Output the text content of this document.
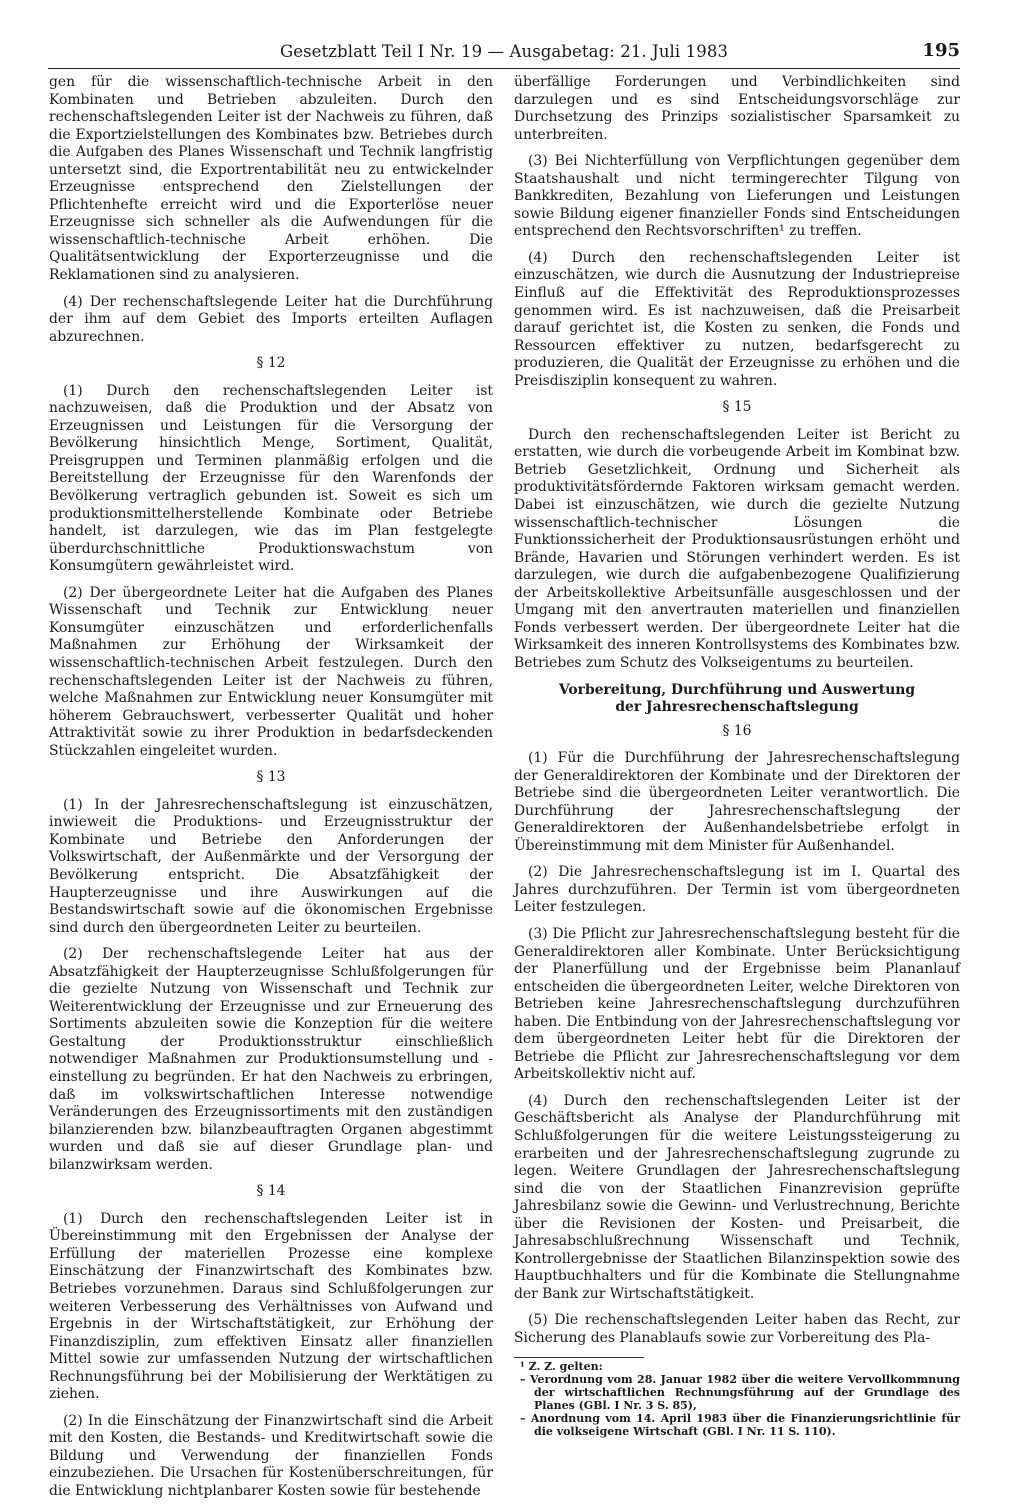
Gesetzblatt Teil I Nr. 19 — Ausgabetag: 21. Juli 1983	195

gen für die wissenschaftlich-technische Arbeit in den Kombinaten und Betrieben abzuleiten. Durch den rechenschaftslegenden Leiter ist der Nachweis zu führen, daß die Exportzielstellungen des Kombinates bzw. Betriebes durch die Aufgaben des Planes Wissenschaft und Technik langfristig untersetzt sind, die Exportrentabilität neu zu entwickelnder Erzeugnisse entsprechend den Zielstellungen der Pflichtenhefte erreicht wird und die Exporterlöse neuer Erzeugnisse sich schneller als die Aufwendungen für die wissenschaftlich-technische Arbeit erhöhen. Die Qualitätsentwicklung der Exporterzeugnisse und die Reklamationen sind zu analysieren.

(4) Der rechenschaftslegende Leiter hat die Durchführung der ihm auf dem Gebiet des Imports erteilten Auflagen abzurechnen.

§ 12

(1) Durch den rechenschaftslegenden Leiter ist nachzuweisen, daß die Produktion und der Absatz von Erzeugnissen und Leistungen für die Versorgung der Bevölkerung hinsichtlich Menge, Sortiment, Qualität, Preisgruppen und Terminen planmäßig erfolgen und die Bereitstellung der Erzeugnisse für den Warenfonds der Bevölkerung vertraglich gebunden ist. Soweit es sich um produktionsmittelherstellende Kombinate oder Betriebe handelt, ist darzulegen, wie das im Plan festgelegte überdurchschnittliche Produktionswachstum von Konsumgütern gewährleistet wird.

(2) Der übergeordnete Leiter hat die Aufgaben des Planes Wissenschaft und Technik zur Entwicklung neuer Konsumgüter einzuschätzen und erforderlichenfalls Maßnahmen zur Erhöhung der Wirksamkeit der wissenschaftlich-technischen Arbeit festzulegen. Durch den rechenschaftslegenden Leiter ist der Nachweis zu führen, welche Maßnahmen zur Entwicklung neuer Konsumgüter mit höherem Gebrauchswert, verbesserter Qualität und hoher Attraktivität sowie zu ihrer Produktion in bedarfsdeckenden Stückzahlen eingeleitet wurden.

§ 13

(1) In der Jahresrechenschaftslegung ist einzuschätzen, inwieweit die Produktions- und Erzeugnisstruktur der Kombinate und Betriebe den Anforderungen der Volkswirtschaft, der Außenmärkte und der Versorgung der Bevölkerung entspricht. Die Absatzfähigkeit der Haupterzeugnisse und ihre Auswirkungen auf die Bestandswirtschaft sowie auf die ökonomischen Ergebnisse sind durch den übergeordneten Leiter zu beurteilen.

(2) Der rechenschaftslegende Leiter hat aus der Absatzfähigkeit der Haupterzeugnisse Schlußfolgerungen für die gezielte Nutzung von Wissenschaft und Technik zur Weiterentwicklung der Erzeugnisse und zur Erneuerung des Sortiments abzuleiten sowie die Konzeption für die weitere Gestaltung der Produktionsstruktur einschließlich notwendiger Maßnahmen zur Produktionsumstellung und -einstellung zu begründen. Er hat den Nachweis zu erbringen, daß im volkswirtschaftlichen Interesse notwendige Veränderungen des Erzeugnissortiments mit den zuständigen bilanzierenden bzw. bilanzbeauftragten Organen abgestimmt wurden und daß sie auf dieser Grundlage plan- und bilanzwirksam werden.

§ 14

(1) Durch den rechenschaftslegenden Leiter ist in Übereinstimmung mit den Ergebnissen der Analyse der Erfüllung der materiellen Prozesse eine komplexe Einschätzung der Finanzwirtschaft des Kombinates bzw. Betriebes vorzunehmen. Daraus sind Schlußfolgerungen zur weiteren Verbesserung des Verhältnisses von Aufwand und Ergebnis in der Wirtschaftstätigkeit, zur Erhöhung der Finanzdisziplin, zum effektiven Einsatz aller finanziellen Mittel sowie zur umfassenden Nutzung der wirtschaftlichen Rechnungsführung bei der Mobilisierung der Werktätigen zu ziehen.

(2) In die Einschätzung der Finanzwirtschaft sind die Arbeit mit den Kosten, die Bestands- und Kreditwirtschaft sowie die Bildung und Verwendung der finanziellen Fonds einzubeziehen. Die Ursachen für Kostenüberschreitungen, für die Entwicklung nichtplanbarer Kosten sowie für bestehende

überfällige Forderungen und Verbindlichkeiten sind darzulegen und es sind Entscheidungsvorschläge zur Durchsetzung des Prinzips sozialistischer Sparsamkeit zu unterbreiten.

(3) Bei Nichterfüllung von Verpflichtungen gegenüber dem Staatshaushalt und nicht termingerechter Tilgung von Bankkrediten, Bezahlung von Lieferungen und Leistungen sowie Bildung eigener finanzieller Fonds sind Entscheidungen entsprechend den Rechtsvorschriften¹ zu treffen.

(4) Durch den rechenschaftslegenden Leiter ist einzuschätzen, wie durch die Ausnutzung der Industriepreise Einfluß auf die Effektivität des Reproduktionsprozesses genommen wird. Es ist nachzuweisen, daß die Preisarbeit darauf gerichtet ist, die Kosten zu senken, die Fonds und Ressourcen effektiver zu nutzen, bedarfsgerecht zu produzieren, die Qualität der Erzeugnisse zu erhöhen und die Preisdisziplin konsequent zu wahren.

§ 15

Durch den rechenschaftslegenden Leiter ist Bericht zu erstatten, wie durch die vorbeugende Arbeit im Kombinat bzw. Betrieb Gesetzlichkeit, Ordnung und Sicherheit als produktivitätsfördernde Faktoren wirksam gemacht werden. Dabei ist einzuschätzen, wie durch die gezielte Nutzung wissenschaftlich-technischer Lösungen die Funktionssicherheit der Produktionsausrüstungen erhöht und Brände, Havarien und Störungen verhindert werden. Es ist darzulegen, wie durch die aufgabenbezogene Qualifizierung der Arbeitskollektive Arbeitsunfälle ausgeschlossen und der Umgang mit den anvertrauten materiellen und finanziellen Fonds verbessert werden. Der übergeordnete Leiter hat die Wirksamkeit des inneren Kontrollsystems des Kombinates bzw. Betriebes zum Schutz des Volkseigentums zu beurteilen.

Vorbereitung, Durchführung und Auswertung
der Jahresrechenschaftslegung
§ 16

(1) Für die Durchführung der Jahresrechenschaftslegung der Generaldirektoren der Kombinate und der Direktoren der Betriebe sind die übergeordneten Leiter verantwortlich. Die Durchführung der Jahresrechenschaftslegung der Generaldirektoren der Außenhandelsbetriebe erfolgt in Übereinstimmung mit dem Minister für Außenhandel.

(2) Die Jahresrechenschaftslegung ist im I. Quartal des Jahres durchzuführen. Der Termin ist vom übergeordneten Leiter festzulegen.

(3) Die Pflicht zur Jahresrechenschaftslegung besteht für die Generaldirektoren aller Kombinate. Unter Berücksichtigung der Planerfüllung und der Ergebnisse beim Plananlauf entscheiden die übergeordneten Leiter, welche Direktoren von Betrieben keine Jahresrechenschaftslegung durchzuführen haben. Die Entbindung von der Jahresrechenschaftslegung vor dem übergeordneten Leiter hebt für die Direktoren der Betriebe die Pflicht zur Jahresrechenschaftslegung vor dem Arbeitskollektiv nicht auf.

(4) Durch den rechenschaftslegenden Leiter ist der Geschäftsbericht als Analyse der Plandurchführung mit Schlußfolgerungen für die weitere Leistungssteigerung zu erarbeiten und der Jahresrechenschaftslegung zugrunde zu legen. Weitere Grundlagen der Jahresrechenschaftslegung sind die von der Staatlichen Finanzrevision geprüfte Jahresbilanz sowie die Gewinn- und Verlustrechnung, Berichte über die Revisionen der Kosten- und Preisarbeit, die Jahresabschlußrechnung Wissenschaft und Technik, Kontrollergebnisse der Staatlichen Bilanzinspektion sowie des Hauptbuchhalters und für die Kombinate die Stellungnahme der Bank zur Wirtschaftstätigkeit.

(5) Die rechenschaftslegenden Leiter haben das Recht, zur Sicherung des Planablaufs sowie zur Vorbereitung des Pla-

¹ Z. Z. gelten:
– Verordnung vom 28. Januar 1982 über die weitere Vervollkommnung der wirtschaftlichen Rechnungsführung auf der Grundlage des Planes (GBl. I Nr. 3 S. 85),
– Anordnung vom 14. April 1983 über die Finanzierungsrichtlinie für die volkseigene Wirtschaft (GBl. I Nr. 11 S. 110).
